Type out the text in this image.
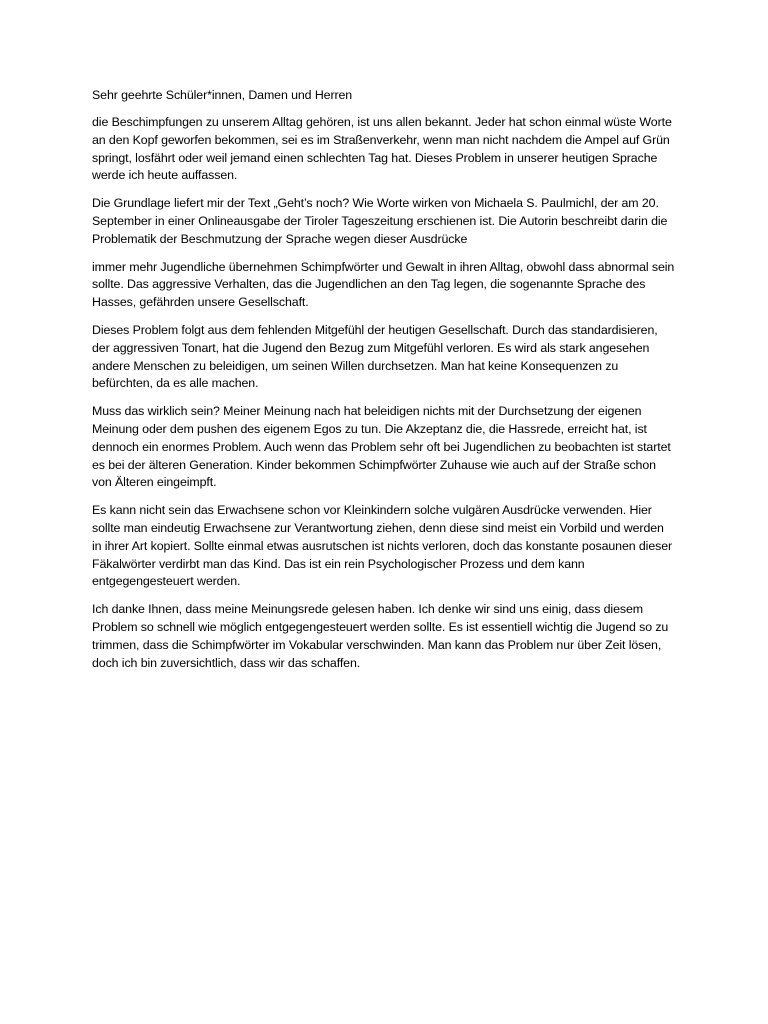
Sehr geehrte Schüler*innen, Damen und Herren

die Beschimpfungen zu unserem Alltag gehören, ist uns allen bekannt. Jeder hat schon einmal wüste Worte an den Kopf geworfen bekommen, sei es im Straßenverkehr, wenn man nicht nachdem die Ampel auf Grün springt, losfährt oder weil jemand einen schlechten Tag hat. Dieses Problem in unserer heutigen Sprache werde ich heute auffassen.

Die Grundlage liefert mir der Text „Geht’s noch? Wie Worte wirken von Michaela S. Paulmichl, der am 20. September in einer Onlineausgabe der Tiroler Tageszeitung erschienen ist. Die Autorin beschreibt darin die Problematik der Beschmutzung der Sprache wegen dieser Ausdrücke

immer mehr Jugendliche übernehmen Schimpfwörter und Gewalt in ihren Alltag, obwohl dass abnormal sein sollte. Das aggressive Verhalten, das die Jugendlichen an den Tag legen, die sogenannte Sprache des Hasses, gefährden unsere Gesellschaft.

Dieses Problem folgt aus dem fehlenden Mitgefühl der heutigen Gesellschaft. Durch das standardisieren, der aggressiven Tonart, hat die Jugend den Bezug zum Mitgefühl verloren. Es wird als stark angesehen andere Menschen zu beleidigen, um seinen Willen durchsetzen. Man hat keine Konsequenzen zu befürchten, da es alle machen.

Muss das wirklich sein? Meiner Meinung nach hat beleidigen nichts mit der Durchsetzung der eigenen Meinung oder dem pushen des eigenem Egos zu tun. Die Akzeptanz die, die Hassrede, erreicht hat, ist dennoch ein enormes Problem. Auch wenn das Problem sehr oft bei Jugendlichen zu beobachten ist startet es bei der älteren Generation. Kinder bekommen Schimpfwörter Zuhause wie auch auf der Straße schon von Älteren eingeimpft.

Es kann nicht sein das Erwachsene schon vor Kleinkindern solche vulgären Ausdrücke verwenden. Hier sollte man eindeutig Erwachsene zur Verantwortung ziehen, denn diese sind meist ein Vorbild und werden in ihrer Art kopiert. Sollte einmal etwas ausrutschen ist nichts verloren, doch das konstante posaunen dieser Fäkalwörter verdirbt man das Kind. Das ist ein rein Psychologischer Prozess und dem kann entgegengesteuert werden.

Ich danke Ihnen, dass meine Meinungsrede gelesen haben. Ich denke wir sind uns einig, dass diesem Problem so schnell wie möglich entgegengesteuert werden sollte. Es ist essentiell wichtig die Jugend so zu trimmen, dass die Schimpfwörter im Vokabular verschwinden. Man kann das Problem nur über Zeit lösen, doch ich bin zuversichtlich, dass wir das schaffen.
